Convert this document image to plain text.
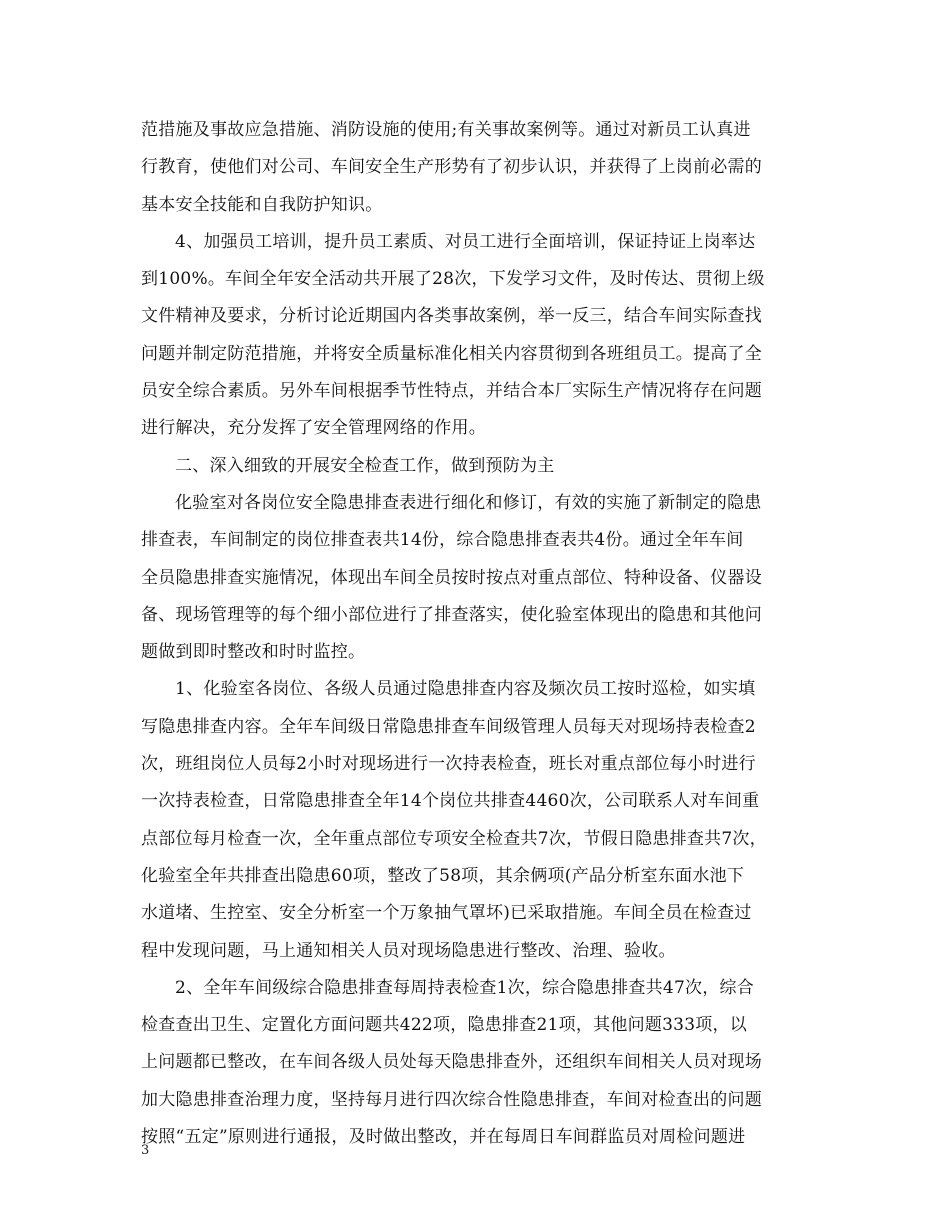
范措施及事故应急措施、消防设施的使用;有关事故案例等。通过对新员工认真进
行教育，使他们对公司、车间安全生产形势有了初步认识，并获得了上岗前必需的
基本安全技能和自我防护知识。
4、加强员工培训，提升员工素质、对员工进行全面培训，保证持证上岗率达
到100%。车间全年安全活动共开展了28次，下发学习文件，及时传达、贯彻上级
文件精神及要求，分析讨论近期国内各类事故案例，举一反三，结合车间实际查找
问题并制定防范措施，并将安全质量标准化相关内容贯彻到各班组员工。提高了全
员安全综合素质。另外车间根据季节性特点，并结合本厂实际生产情况将存在问题
进行解决，充分发挥了安全管理网络的作用。
二、深入细致的开展安全检查工作，做到预防为主
化验室对各岗位安全隐患排查表进行细化和修订，有效的实施了新制定的隐患
排查表，车间制定的岗位排查表共14份，综合隐患排查表共4份。通过全年车间
全员隐患排查实施情况，体现出车间全员按时按点对重点部位、特种设备、仪器设
备、现场管理等的每个细小部位进行了排查落实，使化验室体现出的隐患和其他问
题做到即时整改和时时监控。
1、化验室各岗位、各级人员通过隐患排查内容及频次员工按时巡检，如实填
写隐患排查内容。全年车间级日常隐患排查车间级管理人员每天对现场持表检查2
次，班组岗位人员每2小时对现场进行一次持表检查，班长对重点部位每小时进行
一次持表检查，日常隐患排查全年14个岗位共排查4460次，公司联系人对车间重
点部位每月检查一次，全年重点部位专项安全检查共7次，节假日隐患排查共7次，
化验室全年共排查出隐患60项，整改了58项，其余俩项(产品分析室东面水池下
水道堵、生控室、安全分析室一个万象抽气罩坏)已采取措施。车间全员在检查过
程中发现问题，马上通知相关人员对现场隐患进行整改、治理、验收。
2、全年车间级综合隐患排查每周持表检查1次，综合隐患排查共47次，综合
检查查出卫生、定置化方面问题共422项，隐患排查21项，其他问题333项，以
上问题都已整改，在车间各级人员处每天隐患排查外，还组织车间相关人员对现场
加大隐患排查治理力度，坚持每月进行四次综合性隐患排查，车间对检查出的问题
按照“五定”原则进行通报，及时做出整改，并在每周日车间群监员对周检问题进
3
